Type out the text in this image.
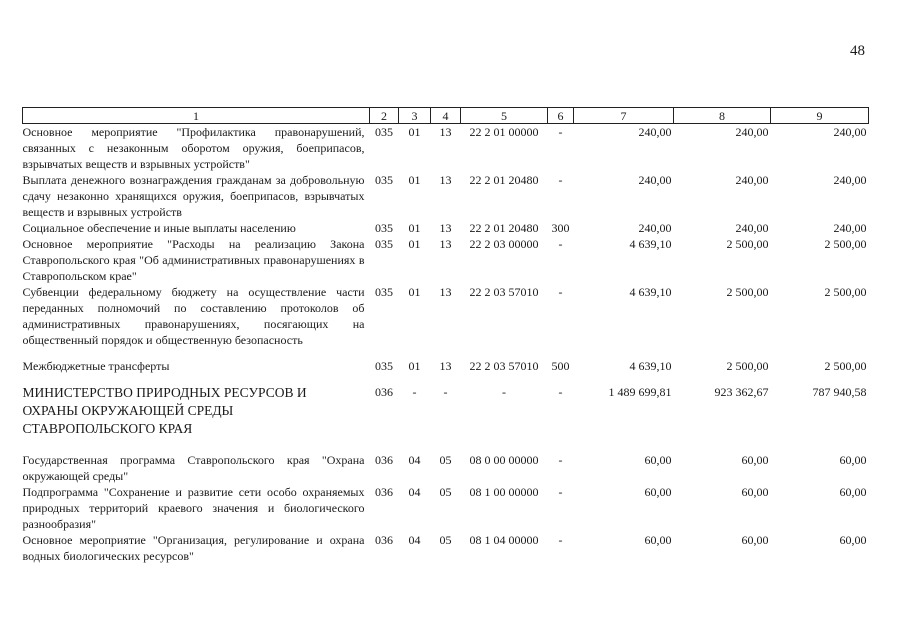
48
1	2	3	4	5	6	7	8	9
Основное мероприятие "Профилактика правонарушений, связанных с незаконным оборотом оружия, боеприпасов, взрывчатых веществ и взрывных устройств"	035	01	13	22 2 01 00000	-	240,00	240,00	240,00
Выплата денежного вознаграждения гражданам за добровольную сдачу незаконно хранящихся оружия, боеприпасов, взрывчатых веществ и взрывных устройств	035	01	13	22 2 01 20480	-	240,00	240,00	240,00
Социальное обеспечение и иные выплаты населению	035	01	13	22 2 01 20480	300	240,00	240,00	240,00
Основное мероприятие "Расходы на реализацию Закона Ставропольского края "Об административных правонарушениях в Ставропольском крае"	035	01	13	22 2 03 00000	-	4 639,10	2 500,00	2 500,00
Субвенции федеральному бюджету на осуществление части переданных полномочий по составлению протоколов об административных правонарушениях, посягающих на общественный порядок и общественную безопасность	035	01	13	22 2 03 57010	-	4 639,10	2 500,00	2 500,00
Межбюджетные трансферты	035	01	13	22 2 03 57010	500	4 639,10	2 500,00	2 500,00
МИНИСТЕРСТВО ПРИРОДНЫХ РЕСУРСОВ И ОХРАНЫ ОКРУЖАЮЩЕЙ СРЕДЫ СТАВРОПОЛЬСКОГО КРАЯ	036	-	-	-	-	1 489 699,81	923 362,67	787 940,58
Государственная программа Ставропольского края "Охрана окружающей среды"	036	04	05	08 0 00 00000	-	60,00	60,00	60,00
Подпрограмма "Сохранение и развитие сети особо охраняемых природных территорий краевого значения и биологического разнообразия"	036	04	05	08 1 00 00000	-	60,00	60,00	60,00
Основное мероприятие "Организация, регулирование и охрана водных биологических ресурсов"	036	04	05	08 1 04 00000	-	60,00	60,00	60,00
